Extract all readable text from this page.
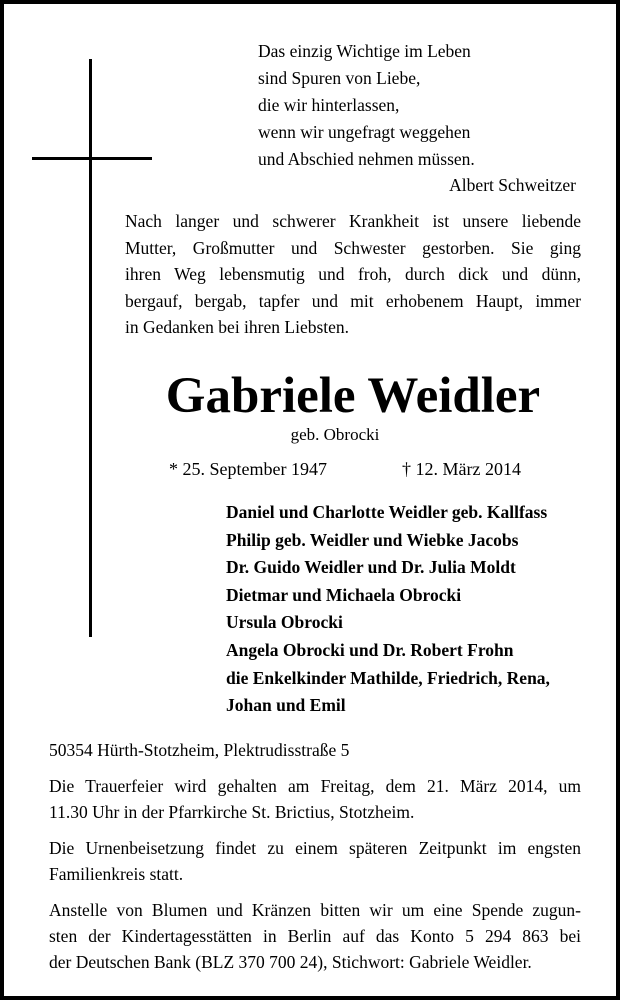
Das einzig Wichtige im Leben
sind Spuren von Liebe,
die wir hinterlassen,
wenn wir ungefragt weggehen
und Abschied nehmen müssen.
Albert Schweitzer
Nach langer und schwerer Krankheit ist unsere liebende
Mutter, Großmutter und Schwester gestorben. Sie ging
ihren Weg lebensmutig und froh, durch dick und dünn,
bergauf, bergab, tapfer und mit erhobenem Haupt, immer
in Gedanken bei ihren Liebsten.
Gabriele Weidler
geb. Obrocki
* 25. September 1947	† 12. März 2014
Daniel und Charlotte Weidler geb. Kallfass
Philip geb. Weidler und Wiebke Jacobs
Dr. Guido Weidler und Dr. Julia Moldt
Dietmar und Michaela Obrocki
Ursula Obrocki
Angela Obrocki und Dr. Robert Frohn
die Enkelkinder Mathilde, Friedrich, Rena,
Johan und Emil
50354 Hürth-Stotzheim, Plektrudisstraße 5
Die Trauerfeier wird gehalten am Freitag, dem 21. März 2014, um
11.30 Uhr in der Pfarrkirche St. Brictius, Stotzheim.
Die Urnenbeisetzung findet zu einem späteren Zeitpunkt im engsten
Familienkreis statt.
Anstelle von Blumen und Kränzen bitten wir um eine Spende zugun-
sten der Kindertagesstätten in Berlin auf das Konto 5 294 863 bei
der Deutschen Bank (BLZ 370 700 24), Stichwort: Gabriele Weidler.
